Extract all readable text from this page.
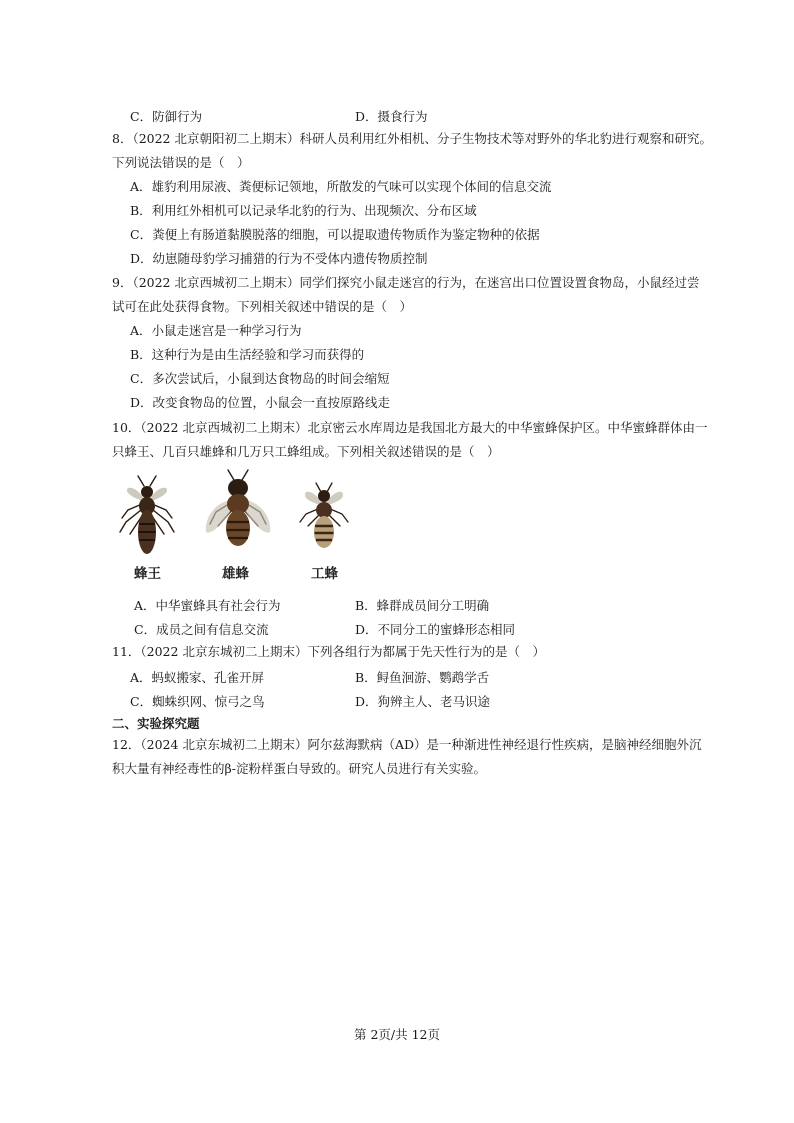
C．防御行为	D．摄食行为
8．（2022 北京朝阳初二上期末）科研人员利用红外相机、分子生物技术等对野外的华北豹进行观察和研究。
下列说法错误的是（　）
A．雄豹利用尿液、粪便标记领地，所散发的气味可以实现个体间的信息交流
B．利用红外相机可以记录华北豹的行为、出现频次、分布区域
C．粪便上有肠道黏膜脱落的细胞，可以提取遗传物质作为鉴定物种的依据
D．幼崽随母豹学习捕猎的行为不受体内遗传物质控制
9．（2022 北京西城初二上期末）同学们探究小鼠走迷宫的行为，在迷宫出口位置设置食物岛，小鼠经过尝
试可在此处获得食物。下列相关叙述中错误的是（　）
A．小鼠走迷宫是一种学习行为
B．这种行为是由生活经验和学习而获得的
C．多次尝试后，小鼠到达食物岛的时间会缩短
D．改变食物岛的位置，小鼠会一直按原路线走
10．（2022 北京西城初二上期末）北京密云水库周边是我国北方最大的中华蜜蜂保护区。中华蜜蜂群体由一
只蜂王、几百只雄蜂和几万只工蜂组成。下列相关叙述错误的是（　）
蜂王	雄蜂	工蜂
A．中华蜜蜂具有社会行为	B．蜂群成员间分工明确
C．成员之间有信息交流	D．不同分工的蜜蜂形态相同
11．（2022 北京东城初二上期末）下列各组行为都属于先天性行为的是（　）
A．蚂蚁搬家、孔雀开屏	B．鲟鱼洄游、鹦鹉学舌
C．蜘蛛织网、惊弓之鸟	D．狗辨主人、老马识途
二、实验探究题
12．（2024 北京东城初二上期末）阿尔兹海默病（AD）是一种渐进性神经退行性疾病，是脑神经细胞外沉
积大量有神经毒性的β-淀粉样蛋白导致的。研究人员进行有关实验。
第 2页/共 12页
